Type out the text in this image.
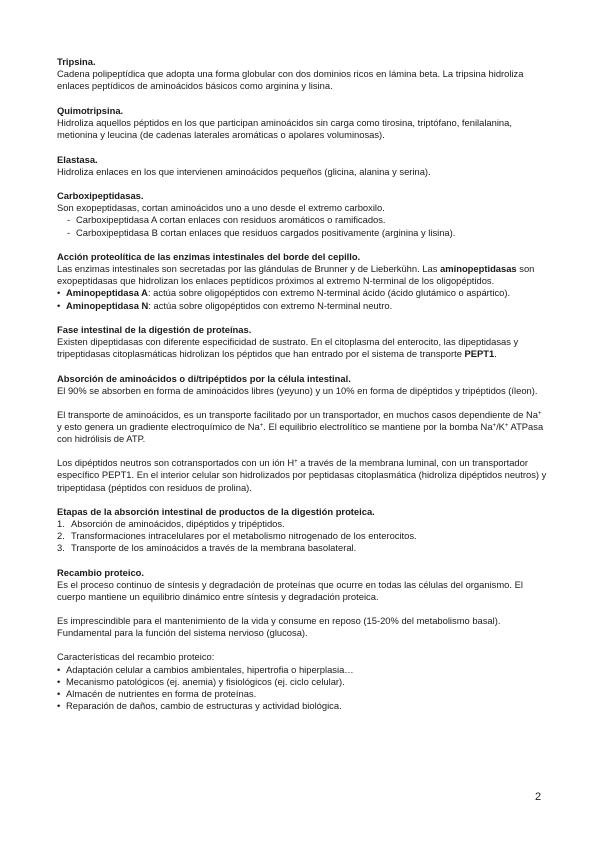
Tripsina.

Cadena polipeptídica que adopta una forma globular con dos dominios ricos en lámina beta. La tripsina hidroliza enlaces peptídicos de aminoácidos básicos como arginina y lisina.

Quimotripsina.

Hidroliza aquellos péptidos en los que participan aminoácidos sin carga como tirosina, triptófano, fenilalanina, metionina y leucina (de cadenas laterales aromáticas o apolares voluminosas).

Elastasa.

Hidroliza enlaces en los que intervienen aminoácidos pequeños (glicina, alanina y serina).

Carboxipeptidasas.

Son exopeptidasas, cortan aminoácidos uno a uno desde el extremo carboxilo.

- Carboxipeptidasa A cortan enlaces con residuos aromáticos o ramificados.
- Carboxipeptidasa B cortan enlaces que residuos cargados positivamente (arginina y lisina).
Acción proteolítica de las enzimas intestinales del borde del cepillo.

Las enzimas intestinales son secretadas por las glándulas de Brunner y de Lieberkühn. Las aminopeptidasas son exopeptidasas que hidrolizan los enlaces peptídicos próximos al extremo N-terminal de los oligopéptidos.

• Aminopeptidasa A: actúa sobre oligopéptidos con extremo N-terminal ácido (ácido glutámico o aspártico).
• Aminopeptidasa N: actúa sobre oligopéptidos con extremo N-terminal neutro.
Fase intestinal de la digestión de proteínas.

Existen dipeptidasas con diferente especificidad de sustrato. En el citoplasma del enterocito, las dipeptidasas y tripeptidasas citoplasmáticas hidrolizan los péptidos que han entrado por el sistema de transporte PEPT1.

Absorción de aminoácidos o di/tripéptidos por la célula intestinal.

El 90% se absorben en forma de aminoácidos libres (yeyuno) y un 10% en forma de dipéptidos y tripéptidos (íleon).

El transporte de aminoácidos, es un transporte facilitado por un transportador, en muchos casos dependiente de Na+ y esto genera un gradiente electroquímico de Na+. El equilibrio electrolítico se mantiene por la bomba Na+/K+ ATPasa con hidrólisis de ATP.

Los dipéptidos neutros son cotransportados con un ión H+ a través de la membrana luminal, con un transportador específico PEPT1. En el interior celular son hidrolizados por peptidasas citoplasmática (hidroliza dipéptidos neutros) y tripeptidasa (péptidos con residuos de prolina).

Etapas de la absorción intestinal de productos de la digestión proteica.
1. Absorción de aminoácidos, dipéptidos y tripéptidos.
2. Transformaciones intracelulares por el metabolismo nitrogenado de los enterocitos.
3. Transporte de los aminoácidos a través de la membrana basolateral.
Recambio proteico.

Es el proceso continuo de síntesis y degradación de proteínas que ocurre en todas las células del organismo. El cuerpo mantiene un equilibrio dinámico entre síntesis y degradación proteica.

Es imprescindible para el mantenimiento de la vida y consume en reposo (15-20% del metabolismo basal). Fundamental para la función del sistema nervioso (glucosa).

Características del recambio proteico:

• Adaptación celular a cambios ambientales, hipertrofia o hiperplasia…
• Mecanismo patológicos (ej. anemia) y fisiológicos (ej. ciclo celular).
• Almacén de nutrientes en forma de proteínas.
• Reparación de daños, cambio de estructuras y actividad biológica.
2
